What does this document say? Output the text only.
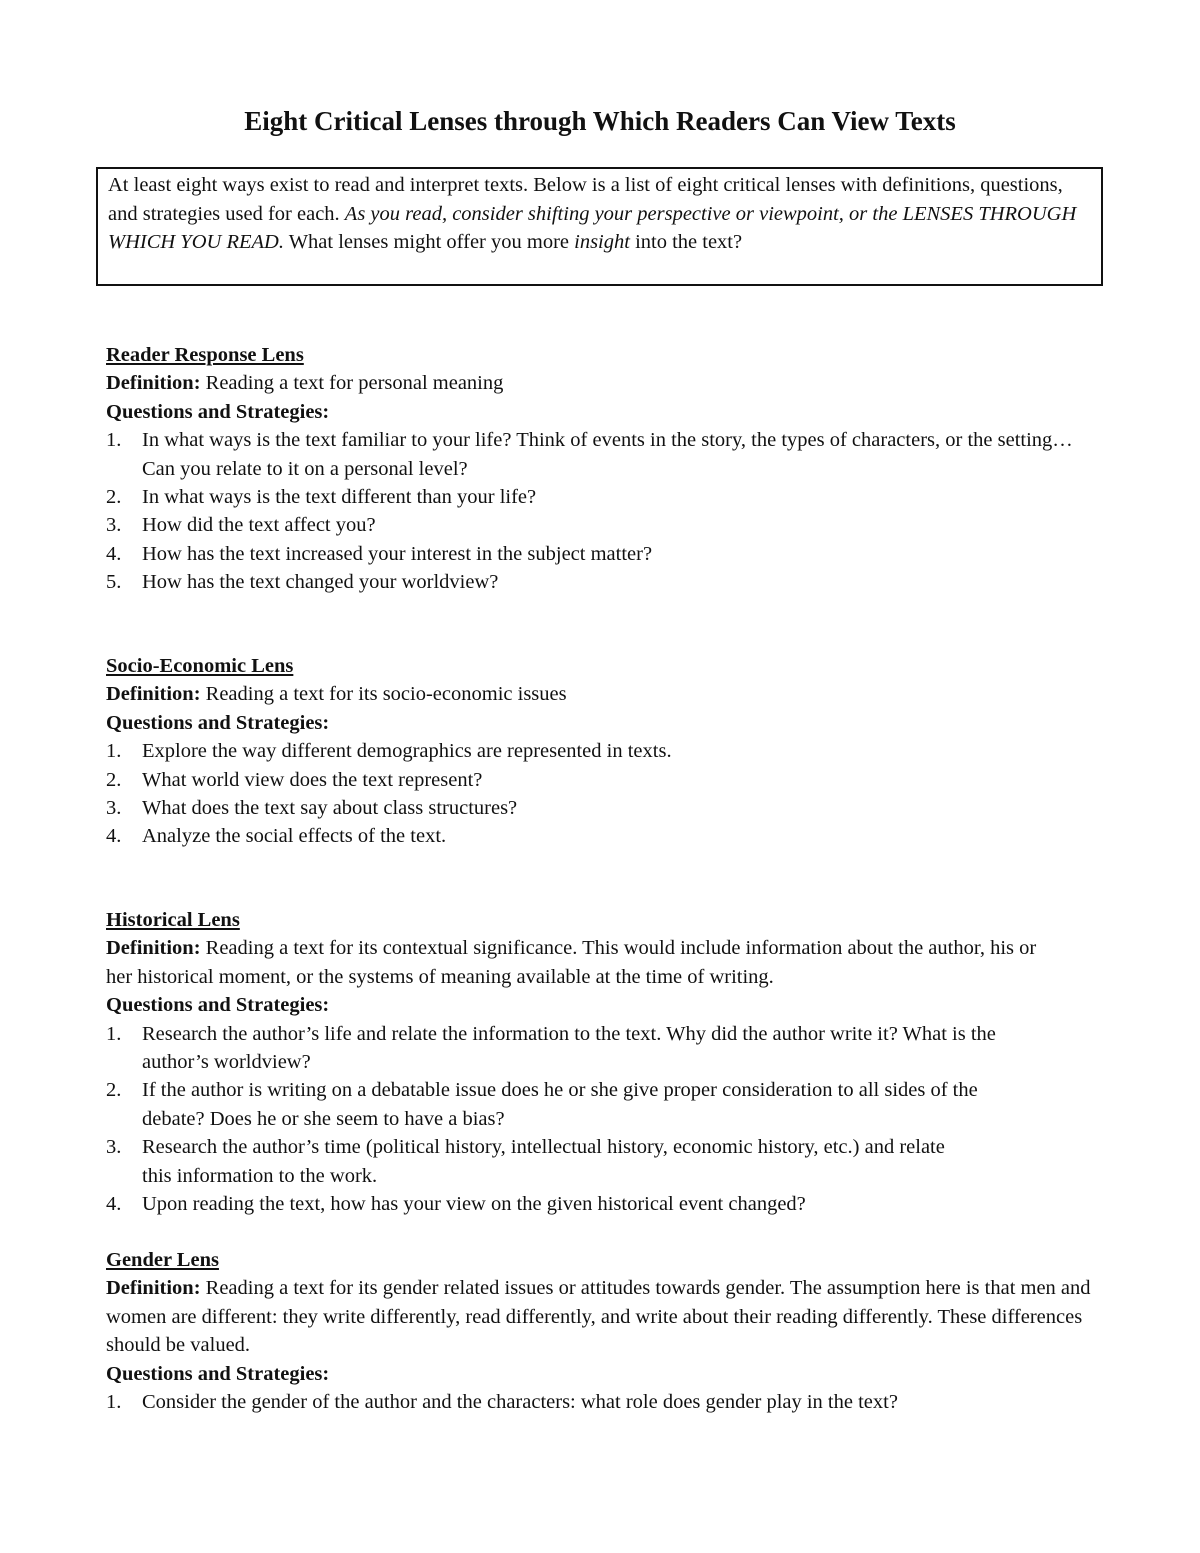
Eight Critical Lenses through Which Readers Can View Texts

At least eight ways exist to read and interpret texts. Below is a list of eight critical lenses with definitions, questions, and strategies used for each. As you read, consider shifting your perspective or viewpoint, or the LENSES THROUGH WHICH YOU READ. What lenses might offer you more insight into the text?

Reader Response Lens

Definition: Reading a text for personal meaning

Questions and Strategies:

1. In what ways is the text familiar to your life? Think of events in the story, the types of characters, or the setting… Can you relate to it on a personal level?
2. In what ways is the text different than your life?
3. How did the text affect you?
4. How has the text increased your interest in the subject matter?
5. How has the text changed your worldview?

Socio-Economic Lens

Definition: Reading a text for its socio-economic issues

Questions and Strategies:

1. Explore the way different demographics are represented in texts.
2. What world view does the text represent?
3. What does the text say about class structures?
4. Analyze the social effects of the text.

Historical Lens

Definition: Reading a text for its contextual significance. This would include information about the author, his or her historical moment, or the systems of meaning available at the time of writing.

Questions and Strategies:

1. Research the author’s life and relate the information to the text. Why did the author write it? What is the author’s worldview?
2. If the author is writing on a debatable issue does he or she give proper consideration to all sides of the debate? Does he or she seem to have a bias?
3. Research the author’s time (political history, intellectual history, economic history, etc.) and relate this information to the work.
4. Upon reading the text, how has your view on the given historical event changed?

Gender Lens

Definition: Reading a text for its gender related issues or attitudes towards gender. The assumption here is that men and women are different: they write differently, read differently, and write about their reading differently. These differences should be valued.

Questions and Strategies:

1. Consider the gender of the author and the characters: what role does gender play in the text?
